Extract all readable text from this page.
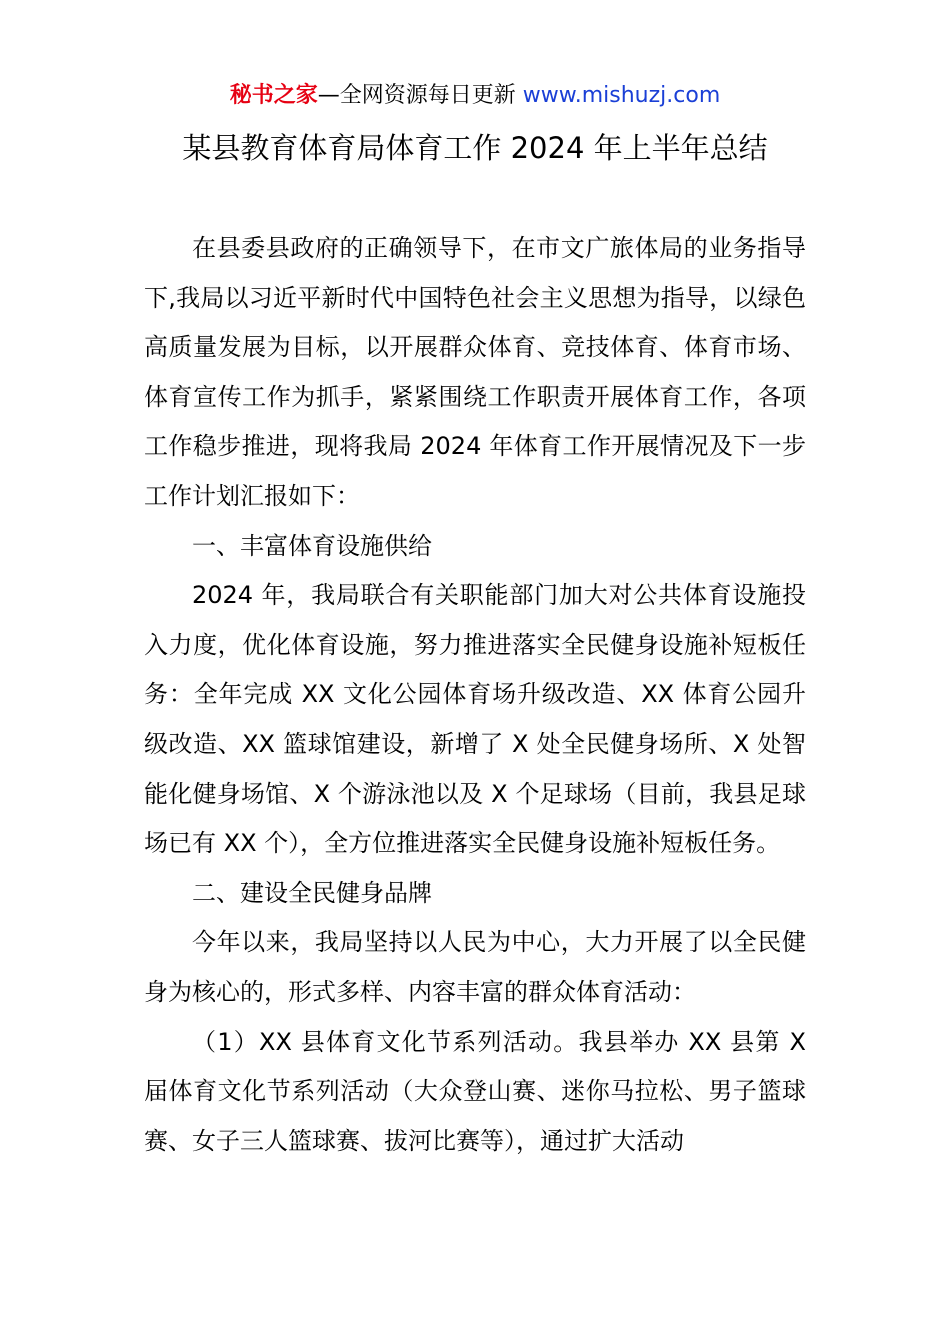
秘书之家—全网资源每日更新 www.mishuzj.com
某县教育体育局体育工作 2024 年上半年总结

在县委县政府的正确领导下，在市文广旅体局的业务指导下,我局以习近平新时代中国特色社会主义思想为指导，以绿色高质量发展为目标，以开展群众体育、竞技体育、体育市场、体育宣传工作为抓手，紧紧围绕工作职责开展体育工作，各项工作稳步推进，现将我局 2024 年体育工作开展情况及下一步工作计划汇报如下：

一、丰富体育设施供给

2024 年，我局联合有关职能部门加大对公共体育设施投入力度，优化体育设施，努力推进落实全民健身设施补短板任务：全年完成 XX 文化公园体育场升级改造、XX 体育公园升级改造、XX 篮球馆建设，新增了 X 处全民健身场所、X 处智能化健身场馆、X 个游泳池以及 X 个足球场（目前，我县足球场已有 XX 个），全方位推进落实全民健身设施补短板任务。

二、建设全民健身品牌

今年以来，我局坚持以人民为中心，大力开展了以全民健身为核心的，形式多样、内容丰富的群众体育活动：

（1）XX 县体育文化节系列活动。我县举办 XX 县第 X 届体育文化节系列活动（大众登山赛、迷你马拉松、男子篮球赛、女子三人篮球赛、拔河比赛等），通过扩大活动
